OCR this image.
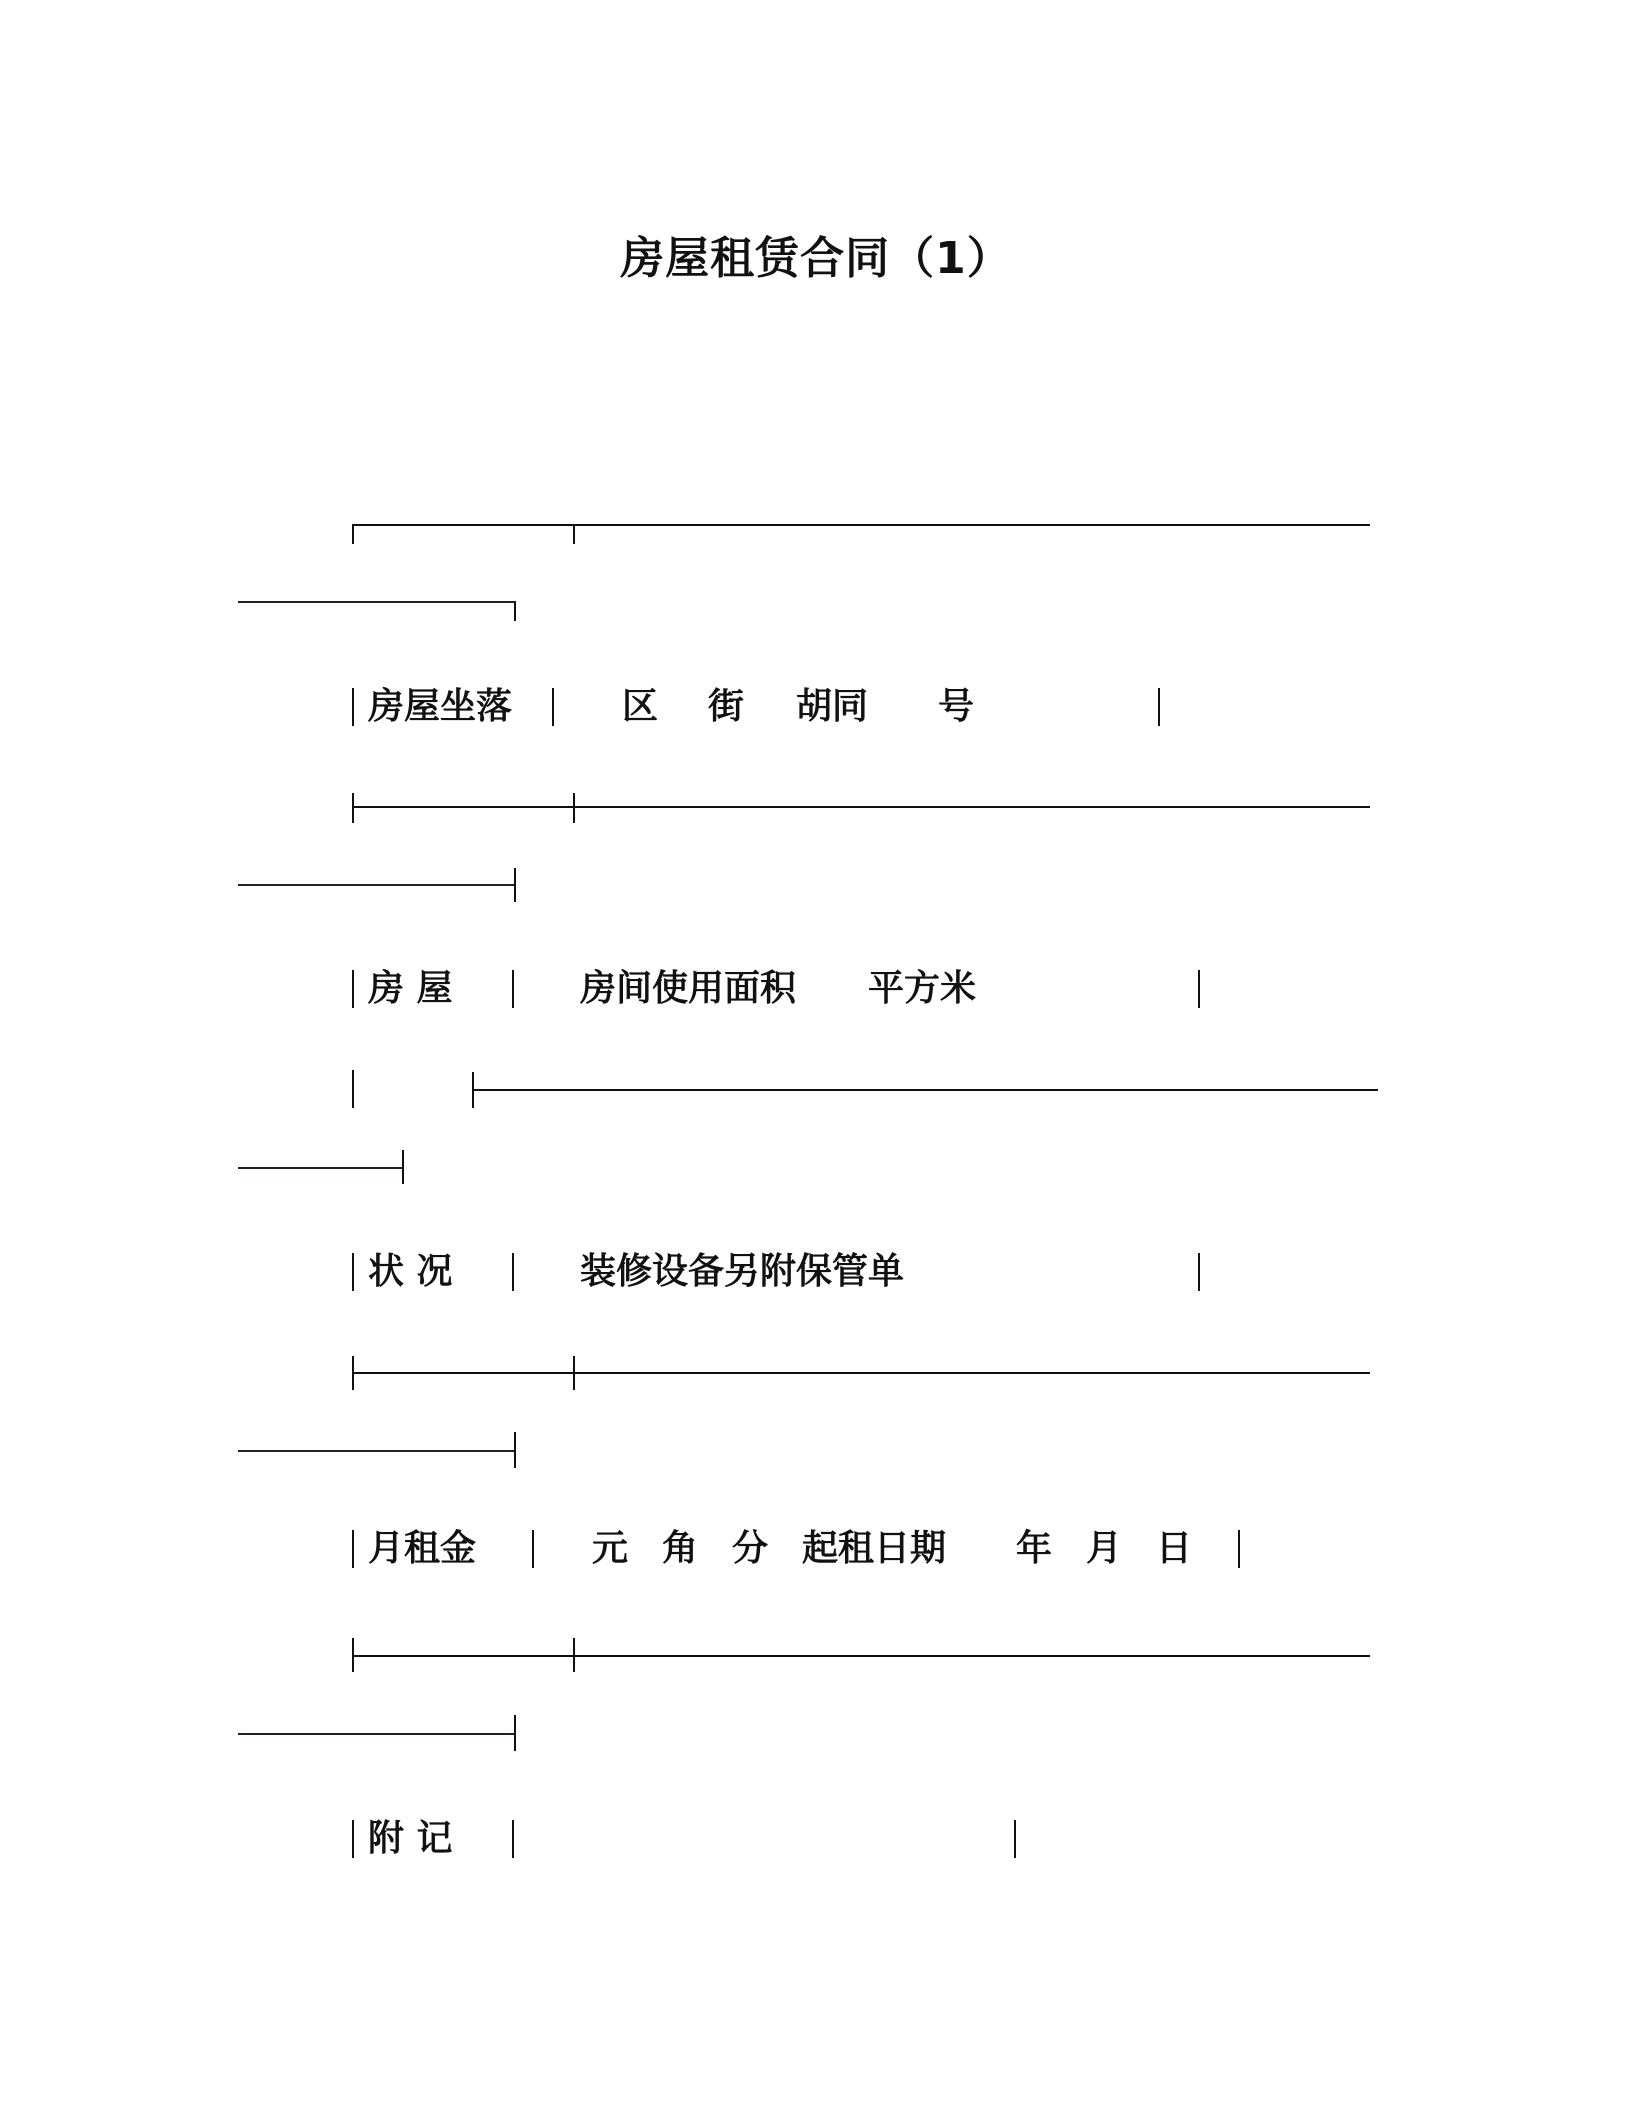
房屋租赁合同（1）
房屋坐落	区 街 胡同 号
房 屋	房间使用面积 平方米
状 况	装修设备另附保管单
月租金	元 角 分 起租日期 年 月 日
附 记
